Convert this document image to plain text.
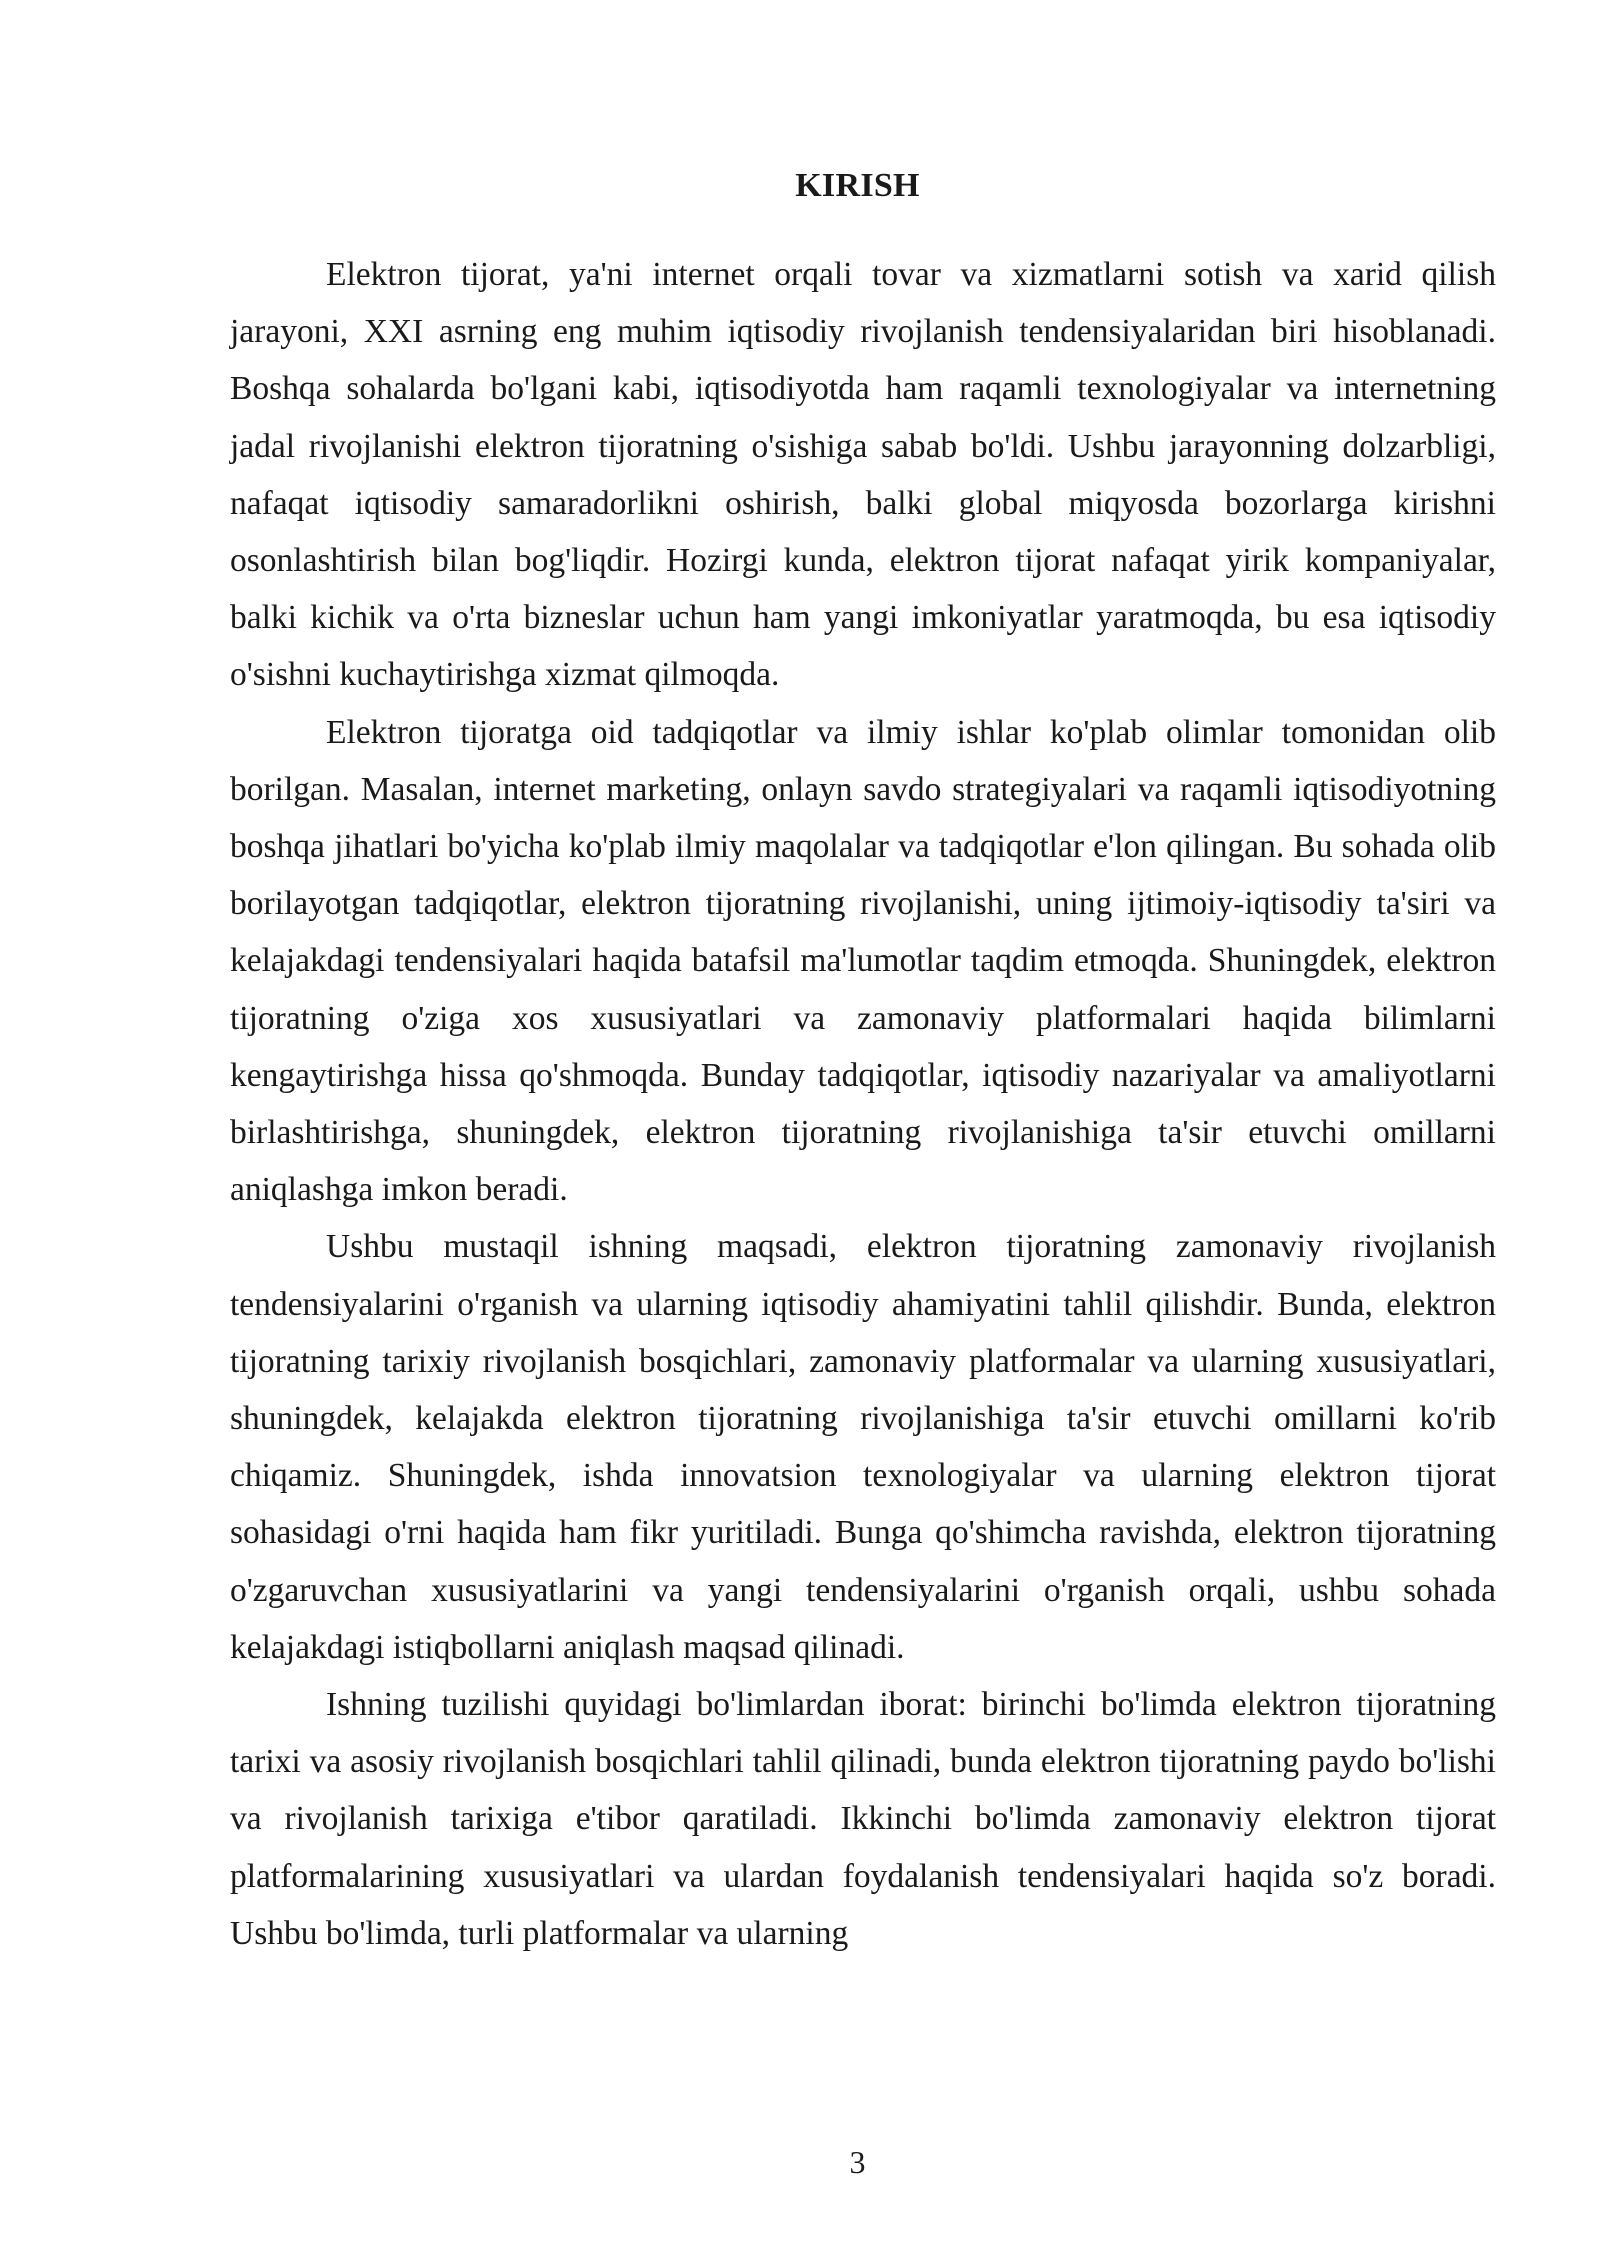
KIRISH

Elektron tijorat, ya'ni internet orqali tovar va xizmatlarni sotish va xarid qilish jarayoni, XXI asrning eng muhim iqtisodiy rivojlanish tendensiyalaridan biri hisoblanadi. Boshqa sohalarda bo'lgani kabi, iqtisodiyotda ham raqamli texnologiyalar va internetning jadal rivojlanishi elektron tijoratning o'sishiga sabab bo'ldi. Ushbu jarayonning dolzarbligi, nafaqat iqtisodiy samaradorlikni oshirish, balki global miqyosda bozorlarga kirishni osonlashtirish bilan bog'liqdir. Hozirgi kunda, elektron tijorat nafaqat yirik kompaniyalar, balki kichik va o'rta bizneslar uchun ham yangi imkoniyatlar yaratmoqda, bu esa iqtisodiy o'sishni kuchaytirishga xizmat qilmoqda.

Elektron tijoratga oid tadqiqotlar va ilmiy ishlar ko'plab olimlar tomonidan olib borilgan. Masalan, internet marketing, onlayn savdo strategiyalari va raqamli iqtisodiyotning boshqa jihatlari bo'yicha ko'plab ilmiy maqolalar va tadqiqotlar e'lon qilingan. Bu sohada olib borilayotgan tadqiqotlar, elektron tijoratning rivojlanishi, uning ijtimoiy-iqtisodiy ta'siri va kelajakdagi tendensiyalari haqida batafsil ma'lumotlar taqdim etmoqda. Shuningdek, elektron tijoratning o'ziga xos xususiyatlari va zamonaviy platformalari haqida bilimlarni kengaytirishga hissa qo'shmoqda. Bunday tadqiqotlar, iqtisodiy nazariyalar va amaliyotlarni birlashtirishga, shuningdek, elektron tijoratning rivojlanishiga ta'sir etuvchi omillarni aniqlashga imkon beradi.

Ushbu mustaqil ishning maqsadi, elektron tijoratning zamonaviy rivojlanish tendensiyalarini o'rganish va ularning iqtisodiy ahamiyatini tahlil qilishdir. Bunda, elektron tijoratning tarixiy rivojlanish bosqichlari, zamonaviy platformalar va ularning xususiyatlari, shuningdek, kelajakda elektron tijoratning rivojlanishiga ta'sir etuvchi omillarni ko'rib chiqamiz. Shuningdek, ishda innovatsion texnologiyalar va ularning elektron tijorat sohasidagi o'rni haqida ham fikr yuritiladi. Bunga qo'shimcha ravishda, elektron tijoratning o'zgaruvchan xususiyatlarini va yangi tendensiyalarini o'rganish orqali, ushbu sohada kelajakdagi istiqbollarni aniqlash maqsad qilinadi.

Ishning tuzilishi quyidagi bo'limlardan iborat: birinchi bo'limda elektron tijoratning tarixi va asosiy rivojlanish bosqichlari tahlil qilinadi, bunda elektron tijoratning paydo bo'lishi va rivojlanish tarixiga e'tibor qaratiladi. Ikkinchi bo'limda zamonaviy elektron tijorat platformalarining xususiyatlari va ulardan foydalanish tendensiyalari haqida so'z boradi. Ushbu bo'limda, turli platformalar va ularning

3
